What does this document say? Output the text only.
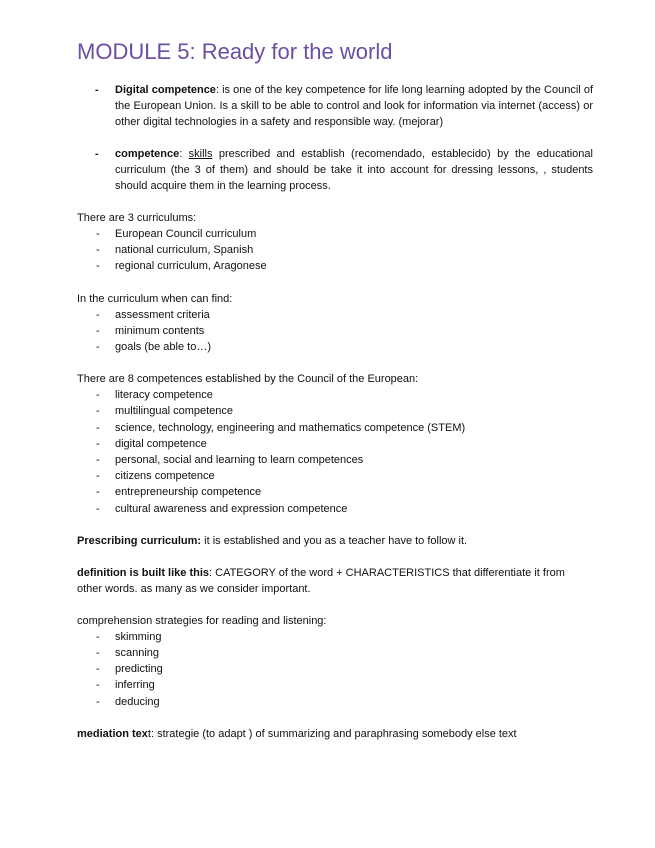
MODULE 5: Ready for the world
- Digital competence: is one of the key competence for life long learning adopted by the Council of the European Union. Is a skill to be able to control and look for information via internet (access) or other digital technologies in a safety and responsible way. (mejorar)
- competence: skills prescribed and establish (recomendado, establecido) by the educational curriculum (the 3 of them) and should be take it into account for dressing lessons, , students should acquire them in the learning process.

There are 3 curriculums:

- European Council curriculum
- national curriculum, Spanish
- regional curriculum, Aragonese

In the curriculum when can find:

- assessment criteria
- minimum contents
- goals (be able to…)

There are 8 competences established by the Council of the European:

- literacy competence
- multilingual competence
- science, technology, engineering and mathematics competence (STEM)
- digital competence
- personal, social and learning to learn competences
- citizens competence
- entrepreneurship competence
- cultural awareness and expression competence

Prescribing curriculum: it is established and you as a teacher have to follow it.

definition is built like this: CATEGORY of the word + CHARACTERISTICS that differentiate it from other words. as many as we consider important.

comprehension strategies for reading and listening:

- skimming
- scanning
- predicting
- inferring
- deducing

mediation text: strategie (to adapt ) of summarizing and paraphrasing somebody else text
